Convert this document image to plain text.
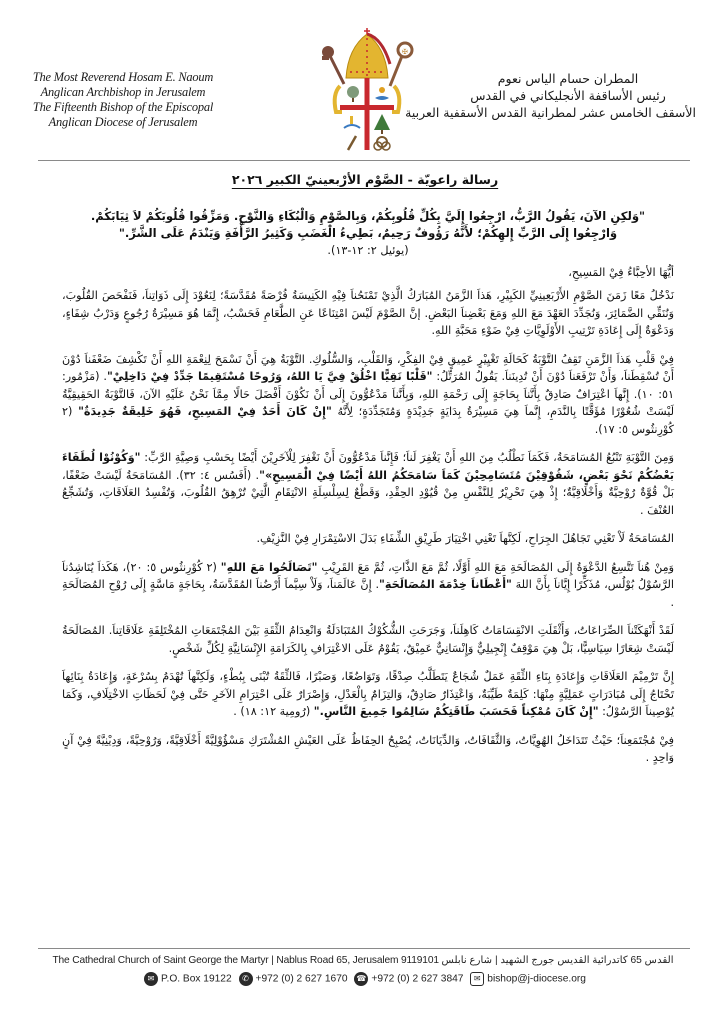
The Most Reverend Hosam E. Naoum
Anglican Archbishop in Jerusalem
The Fifteenth Bishop of the Episcopal
Anglican Diocese of Jerusalem
✠
المطران حسام الياس نعوم
رئيس الأساقفة الأنجليكاني في القدس
الأسقف الخامس عشر لمطرانية القدس الأسقفية العربية
رسالة راعويّة - الصَّوْم الأرْبعينيّ الكبير ٢٠٢٦

"وَلكِنِ الآنَ، يَقُولُ الرَّبُّ، ارْجِعُوا إِلَيَّ بِكُلِّ قُلُوبِكُمْ، وَبِالصَّوْمِ وَالْبُكَاءِ وَالنَّوْحِ. وَمَزِّقُوا قُلُوبَكُمْ لاَ ثِيَابَكُمْ.

وَارْجِعُوا إِلَى الرَّبِّ إِلهِكُمْ؛ لأَنَّهُ رَؤُوفٌ رَحِيمٌ، بَطِيءُ الْغَضَبِ وَكَثِيرُ الرَّأْفَةِ وَيَنْدَمُ عَلَى الشَّرِّ."

(يوئيل ٢: ١٢-١٣).

أيُّهَا الأحِبَّاءُ فِيْ المَسِيحِ،

نَدْخُلُ مَعًا زَمَنَ الصَّوْمِ الأَرْبَعِينِيِّ الكَبِيْرِ، هَذاَ الزَّمَنُ المُبَارَكُ الَّذِيْ تَمْنَحُناَ فِيْهِ الكَنِيسَةُ فُرْصَةً مُقَدَّسَةً؛ لِنَعُوْدَ إِلَى ذَوَاتِناَ، فَنَفْحَصَ القُلُوبَ، وَنُنَقِّي الضَّمَائِرَ، وَنُجَدِّدَ العَهْدَ مَعَ اللهِ وَمَعَ بَعْضِناَ البَعْضِ. إنَّ الصَّوْمَ لَيْسَ امْتِنَاعًا عَنِ الطَّعَامِ فَحَسْبُ، إِنَّمَا هُوَ مَسِيْرَةُ رُجُوعٍ وَدَرْبُ شِفَاءٍ، وَدَعْوَةٌ إِلَى إِعَادَةِ تَرْتِيبِ الأَوْلَوِيَّاتِ فِيْ ضَوْءِ مَحَبَّةِ اللهِ.

فِيْ قَلْبِ هَذاَ الزَّمَنِ تَقِفُ التَّوْبَةُ كَحَالَةِ تَغْيِيْرٍ عَمِيقٍ فِيْ الفِكْرِ، وَالقَلْبِ، وَالسُّلُوكِ. التَّوْبَةُ هِيَ أَنْ نَسْمَحَ لِنِعْمَةِ اللهِ أَنْ تَكْشِفَ ضَعْفَناَ دُوْنَ أَنْ تُسْقِطَناَ، وَأَنْ تَرْفَعَناَ دُوْنَ أَنْ تُدِينَناَ. يَقُولُ المُرَتِّلُ: "قَلْبًا نَقِيًّا اخْلُقْ فِيَّ يَا اللهُ، وَرُوحًا مُسْتَقِيمًا جَدِّدْ فِيْ دَاخِلِيْ". (مَزْمُور: ٥١: ١٠). إِنَّهاَ اعْتِرَافٌ صَادِقٌ بِأَنَّناَ بِحَاجَةٍ إِلَى رَحْمَةِ اللهِ، وَبِأَنَّناَ مَدْعُوُّونَ إِلَى أَنْ نَكُوْنَ أَفْضَلَ حَالًا مِمَّاَ نَحْنُ عَلَيْهِ الآنَ، فَالتَّوْبَةُ الحَقِيقِيَّةُ لَيْسَتْ شُعُوْرًا مُؤَقَّتًا بِالنَّدَمِ، إِنَّماَ هِيَ مَسِيْرَةُ بِدَايَةٍ جَدِيْدَةٍ وَمُتَجَدِّدَةٍ؛ لِأَنَّهُ "إِنْ كَانَ أَحَدٌ فِيْ المَسِيحِ، فَهُوَ خَلِيقَةٌ جَدِيدَةٌ" (٢ كُوْرِنثُوس ٥: ١٧).

وَمِنَ التَّوْبَةِ تَنْبُعُ المُسَامَحَةُ، فَكَمَاَ نَطْلُبُ مِنَ اللهِ أَنْ يَغْفِرَ لَناَ؛ فَإِنَّناَ مَدْعُوُّونَ أَنْ نَغْفِرَ لِلْآخَرِيْنَ أَيْضًا بِحَسْبِ وَصِيَّةِ الرَّبِّ: "وَكُوْنُوْا لُطَفَاءَ بَعْضُكُمْ نَحْوَ بَعْضٍ، شَفُوْقِيْنَ مُتَسَامِحِيْنَ كَمَاَ سَامَحَكُمُ اللهُ أَيْضًا فِيْ الْمَسِيحِ»". (أَفَسُس ٤: ٣٢). المُسَامَحَةُ لَيْسَتْ ضَعْفًا، بَلْ قُوَّةٌ رُوْحِيَّةٌ وَأَخْلَاقِيَّةٌ؛ إِذْ هِيَ تَحْرِيْرٌ لِلنَّفْسِ مِنْ قُيُوْدِ الحِقْدِ، وَقَطْعٌ لِسِلْسِلَةِ الانْتِقَامِ الَّتِيْ تُرْهِقُ القُلُوبَ، وَتُفْسِدُ العَلَاقَاتِ، وَتُشَجِّعُ العُنْفَ .

المُسَامَحَةُ لَاْ تَعْنِي تَجَاهُلَ الجِرَاحِ، لَكِنَّهاَ تَعْنِي اخْتِيَارَ طَرِيْقِ الشِّفَاءِ بَدَلَ الاسْتِمْرَارِ فِيْ النَّزِيْفِ.

وَمِنْ هُناَ تَتَّسِعُ الدَّعْوَةُ إِلَى المُصَالَحَةِ مَعَ اللهِ أَوَّلًا، ثُمَّ مَعَ الذَّاتِ، ثُمَّ مَعَ القَرِيْبِ "تَصَالَحُوا مَعَ اللهِ" (٢ كُوْرِنثُوس ٥: ٢٠)، هَكَذاَ يُنَاشِدُناَ الرَّسُوْلُ بُوْلُس، مُذَكِّرًا إِيَّاناَ بِأَنَّ اللهَ "أَعْطَاناَ خِدْمَةَ المُصَالَحَةِ". إِنَّ عَالَمَناَ، وَلَاْ سِيَّماَ أَرْضُناَ المُقَدَّسَةُ، بِحَاجَةٍ مَاسَّةٍ إِلَى رُوْحِ المُصَالَحَةِ .

لَقَدْ أَنْهَكَتْناَ الصِّرَاعَاتُ، وَأَثْقَلَتِ الانْقِسَامَاتُ كَاهِلَناَ، وَجَرَحَتِ الشُّكُوْكُ المُتَبَادَلَةُ وَانْعِدَامُ الثِّقَةِ بَيْنَ المُجْتَمَعَاتِ المُخْتَلِفَةِ عَلَاقَاتِناَ. المُصَالَحَةُ لَيْسَتْ شِعَارًا سِيَاسِيًّا، بَلْ هِيَ مَوْقِفٌ إِنْجِيلِيٌّ وَإِنْسَانِيٌّ عَمِيْقٌ، يَقُوْمُ عَلَى الاعْتِرَافِ بِالكَرَامَةِ الإِنْسَانِيَّةِ لِكُلِّ شَخْصٍ.

إِنَّ تَرْمِيْمَ العَلَاقَاتِ وَإِعَادَةِ بِنَاءِ الثِّقَةِ عَمَلٌ شُجَاعٌ يَتَطَلَّبُ صِدْقًا، وَتَوَاضُعًا، وَصَبْرًا، فَالثِّقَةُ تُبْنَى بِبُطْءٍ، وَلَكِنَّهاَ تُهْدَمُ بِسُرْعَةٍ، وَإِعَادَةُ بِنَائِهاَ تَحْتَاجُ إِلَى مُبَادَرَاتٍ عَمَلِيَّةٍ مِنْهَا: كَلِمَةٌ طَيِّبَةٌ، وَاعْتِذَارٌ صَادِقٌ، وَالتِزَامٌ بِالْعَدْلِ، وَإِصْرَارٌ عَلَى احْتِرَامِ الآخَرِ حَتَّى فِيْ لَحَظَاتِ الاخْتِلَافِ، وَكَمَا يُوْصِيناَ الرَّسُوْلُ: "إِنْ كَانَ مُمْكِناً فَحَسَبَ طَاقَتِكُمْ سَالِمُوا جَمِيعَ النَّاسِ." (رُومِية ١٢: ١٨) .

فِيْ مُجْتَمَعِناَ؛ حَيْثُ تَتَدَاخَلُ الهُوِيَّاتُ، وَالثَّقَافَاتُ، وَالدِّيَانَاتُ، يُصْبِحُ الحِفَاظُ عَلَى العَيْشِ المُشْتَرَكِ مَسْؤُوْلِيَّةً أَخْلَاقِيَّةً، وَرُوْحِيَّةً، وَدِيْنِيَّةً فِيْ آنٍ وَاحِدٍ .

The Cathedral Church of Saint George the Martyr | Nablus Road 65, Jerusalem 9119101 القدس 65 كاتدرائية القديس جورج الشهيد | شارع نابلس
✉ P.O. Box 19122 ✆ +972 (0) 2 627 1670 ☎ +972 (0) 2 627 3847 ✉ bishop@j-diocese.org
